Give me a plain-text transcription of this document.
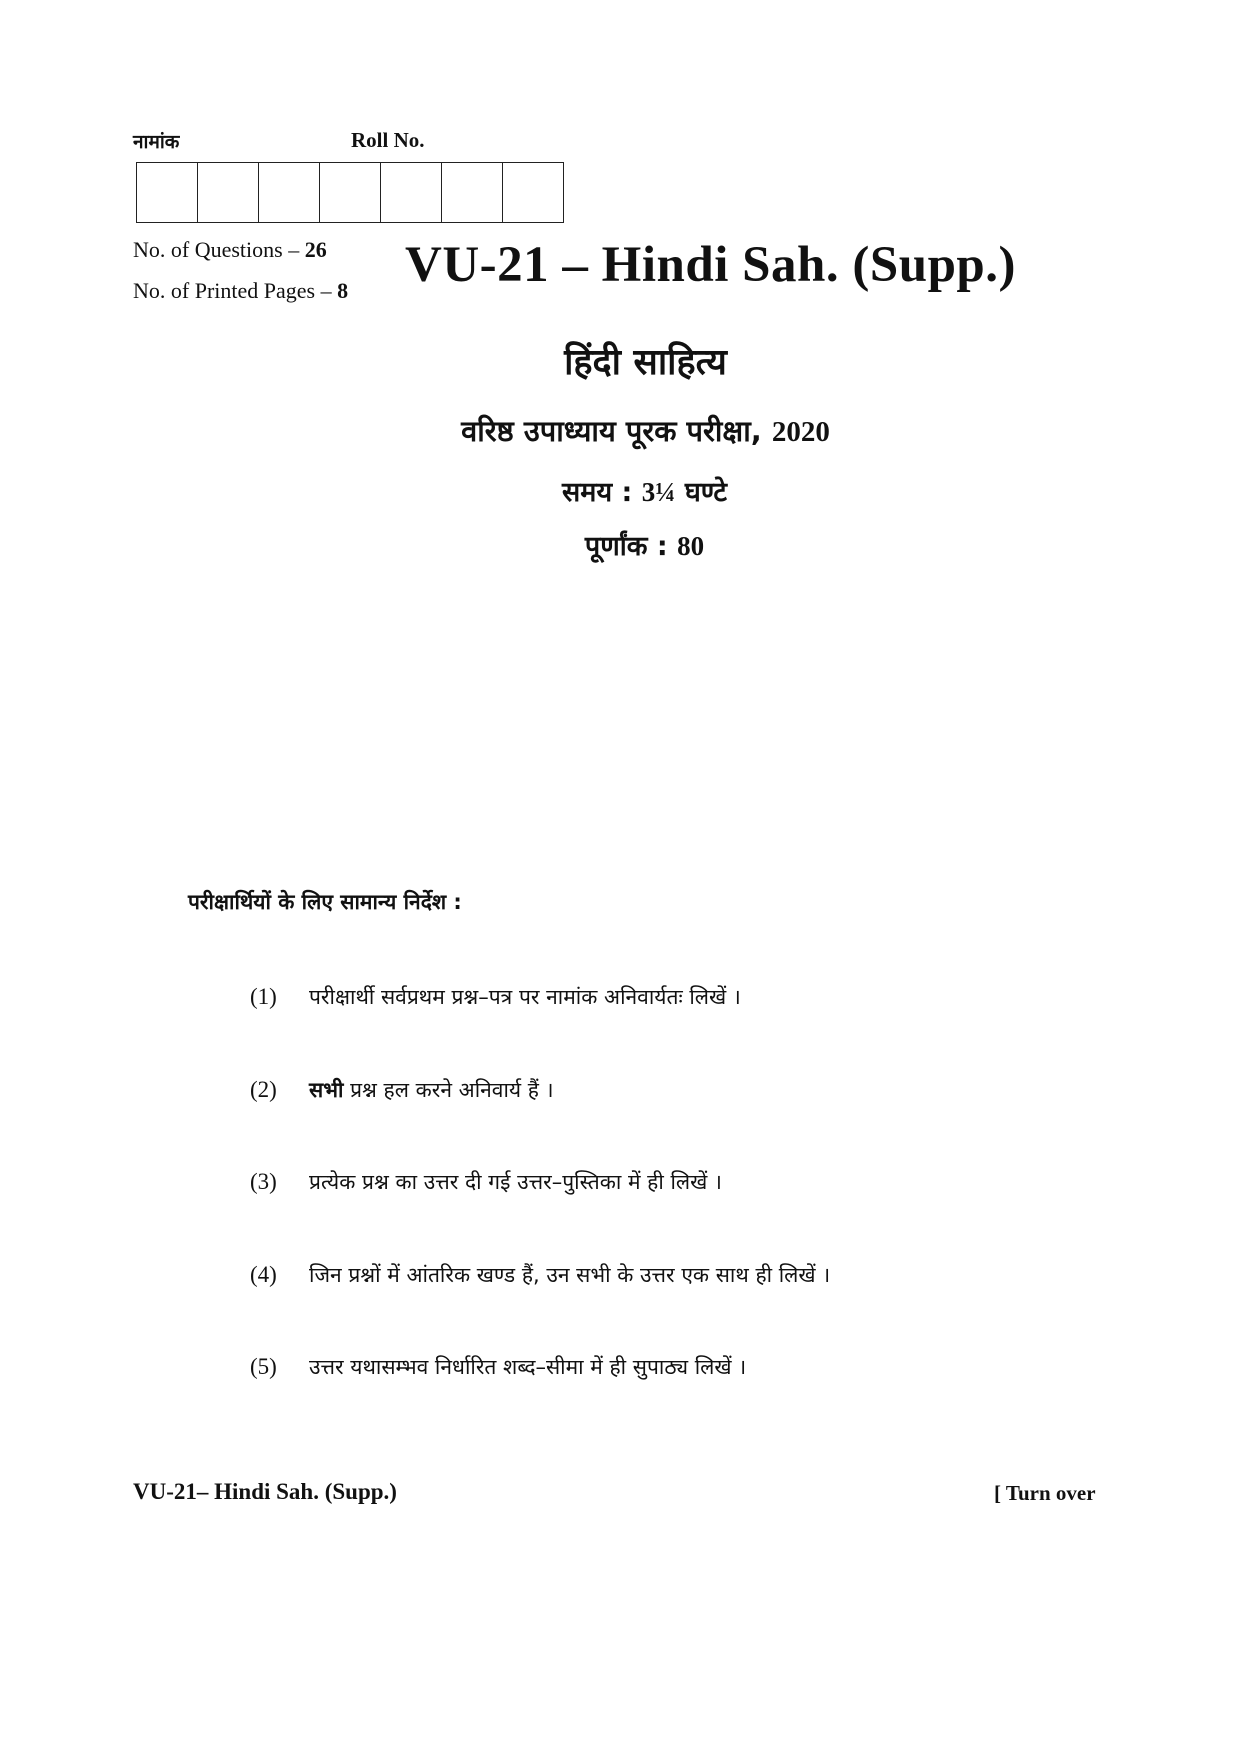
नामांक	Roll No.
No. of Questions – 26
No. of Printed Pages – 8 VU-21 – Hindi Sah. (Supp.)
हिंदी साहित्य
वरिष्ठ उपाध्याय पूरक परीक्षा, 2020
समय : 3¼ घण्टे
पूर्णांक : 80
परीक्षार्थियों के लिए सामान्य निर्देश :
(1)	परीक्षार्थी सर्वप्रथम प्रश्न–पत्र पर नामांक अनिवार्यतः लिखें ।
(2)	सभी प्रश्न हल करने अनिवार्य हैं ।
(3)	प्रत्येक प्रश्न का उत्तर दी गई उत्तर–पुस्तिका में ही लिखें ।
(4)	जिन प्रश्नों में आंतरिक खण्ड हैं, उन सभी के उत्तर एक साथ ही लिखें ।
(5)	उत्तर यथासम्भव निर्धारित शब्द–सीमा में ही सुपाठ्य लिखें ।
VU-21– Hindi Sah. (Supp.)	[ Turn over
